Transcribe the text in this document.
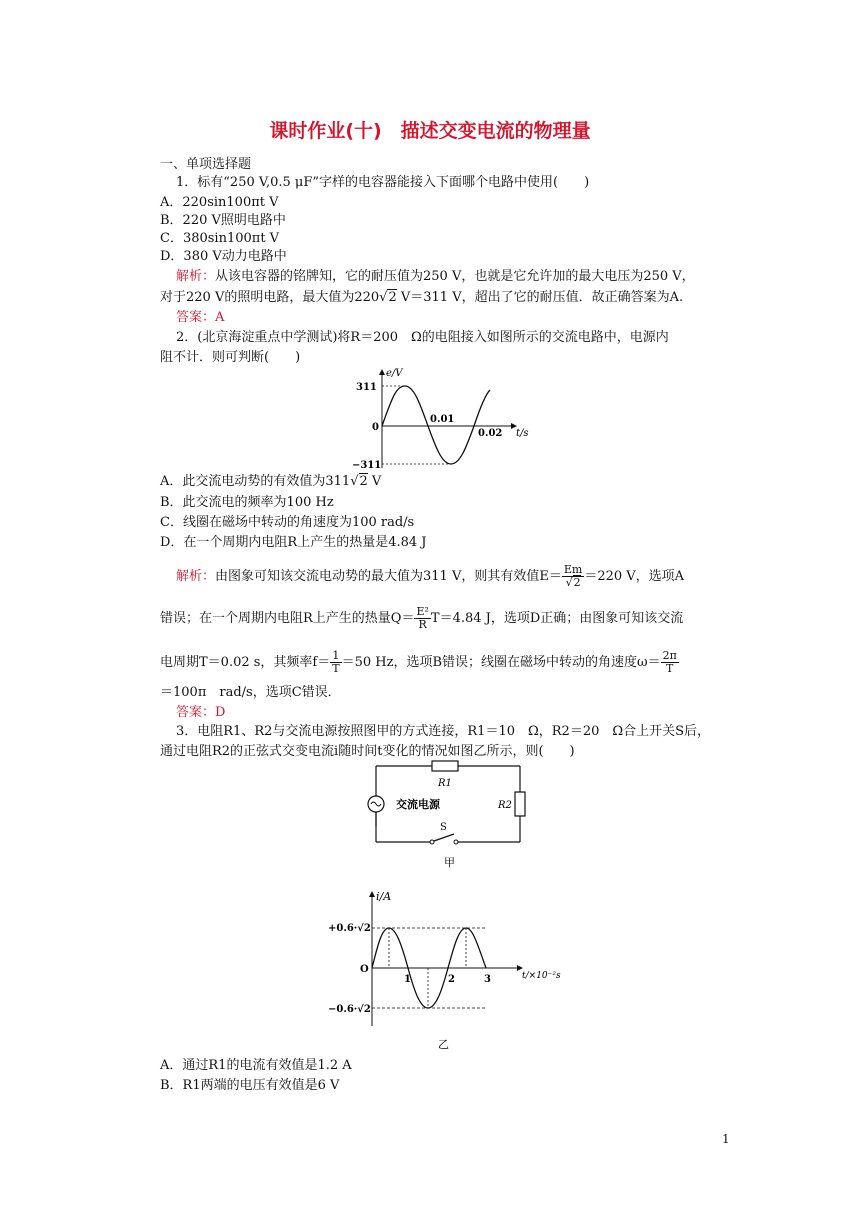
课时作业(十)　描述交变电流的物理量
一、单项选择题
1．标有“250 V,0.5 μF”字样的电容器能接入下面哪个电路中使用(　　)
A．220sin100πt V
B．220 V照明电路中
C．380sin100πt V
D．380 V动力电路中
解析：从该电容器的铭牌知，它的耐压值为250 V，也就是它允许加的最大电压为250 V，
对于220 V的照明电路，最大值为220√2 V＝311 V，超出了它的耐压值．故正确答案为A.
答案：A
2．(北京海淀重点中学测试)将R＝200　Ω的电阻接入如图所示的交流电路中，电源内
阻不计．则可判断(　　)
e/V
311
0
−311
0.01
0.02 t/s
A．此交流电动势的有效值为311√2 V
B．此交流电的频率为100 Hz
C．线圈在磁场中转动的角速度为100 rad/s
D．在一个周期内电阻R上产生的热量是4.84 J
解析：由图象可知该交流电动势的最大值为311 V，则其有效值$E= \frac{Em}{√2} =220$ V，选项A
错误；在一个周期内电阻R上产生的热量$Q= \frac{\text{E²}}{R} T=4.84$ J，选项D正确；由图象可知该交流
电周期T＝0.02 s，其频率$f= \frac{1}{T} =50$ Hz，选项B错误；线圈在磁场中转动的角速度$\omega= \frac{2\pi}{T}$
＝100π　rad/s，选项C错误．
答案：D
3．电阻R1、R2与交流电源按照图甲的方式连接，R1＝10　Ω，R2＝20　Ω合上开关S后，
通过电阻R2的正弦式交变电流i随时间t变化的情况如图乙所示，则(　　)
R1
R2
交流电源
S
甲
i/A
+0.6·√2
−0.6·√2
O
1	2	3	t/×10⁻²s
乙
A．通过R1的电流有效值是1.2 A
B．R1两端的电压有效值是6 V
1
